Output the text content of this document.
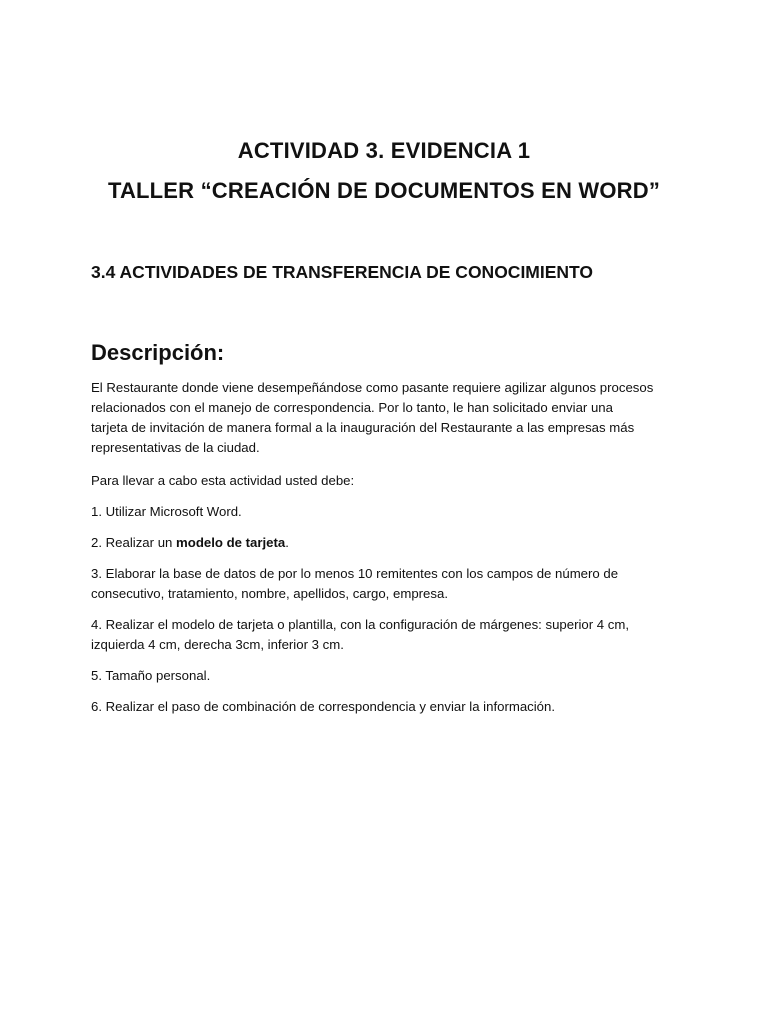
ACTIVIDAD 3. EVIDENCIA 1
TALLER “CREACIÓN DE DOCUMENTOS EN WORD”
3.4 ACTIVIDADES DE TRANSFERENCIA DE CONOCIMIENTO
Descripción:
El Restaurante donde viene desempeñándose como pasante requiere agilizar algunos procesos
relacionados con el manejo de correspondencia. Por lo tanto, le han solicitado enviar una
tarjeta de invitación de manera formal a la inauguración del Restaurante a las empresas más
representativas de la ciudad.
Para llevar a cabo esta actividad usted debe:
1. Utilizar Microsoft Word.
2. Realizar un modelo de tarjeta.
3. Elaborar la base de datos de por lo menos 10 remitentes con los campos de número de
consecutivo, tratamiento, nombre, apellidos, cargo, empresa.
4. Realizar el modelo de tarjeta o plantilla, con la configuración de márgenes: superior 4 cm,
izquierda 4 cm, derecha 3cm, inferior 3 cm.
5. Tamaño personal.
6. Realizar el paso de combinación de correspondencia y enviar la información.
